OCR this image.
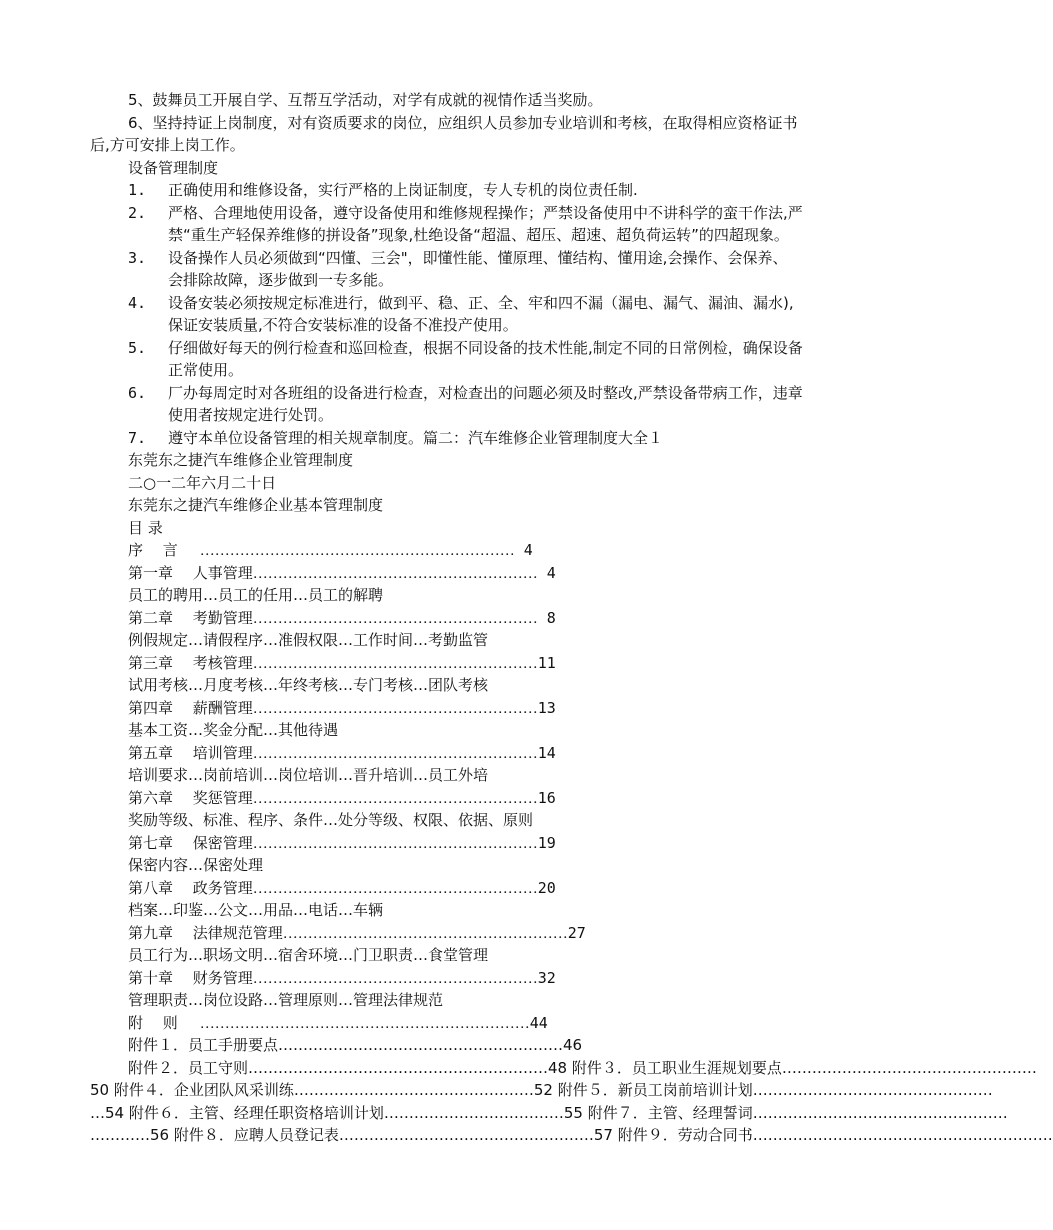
5、鼓舞员工开展自学、互帮互学活动，对学有成就的视情作适当奖励。
6、坚持持证上岗制度，对有资质要求的岗位，应组织人员参加专业培训和考核，在取得相应资格证书
后,方可安排上岗工作。
设备管理制度
1. 正确使用和维修设备，实行严格的上岗证制度，专人专机的岗位责任制.
2. 严格、合理地使用设备，遵守设备使用和维修规程操作；严禁设备使用中不讲科学的蛮干作法,严
禁“重生产轻保养维修的拼设备”现象,杜绝设备“超温、超压、超速、超负荷运转”的四超现象。
3. 设备操作人员必须做到“四懂、三会"，即懂性能、懂原理、懂结构、懂用途,会操作、会保养、
会排除故障，逐步做到一专多能。
4. 设备安装必须按规定标准进行，做到平、稳、正、全、牢和四不漏（漏电、漏气、漏油、漏水),
保证安装质量,不符合安装标准的设备不准投产使用。
5. 仔细做好每天的例行检查和巡回检查，根据不同设备的技术性能,制定不同的日常例检，确保设备
正常使用。
6. 厂办每周定时对各班组的设备进行检查，对检查出的问题必须及时整改,严禁设备带病工作，违章
使用者按规定进行处罚。
7. 遵守本单位设备管理的相关规章制度。篇二：汽车维修企业管理制度大全１
东莞东之捷汽车维修企业管理制度
二○一二年六月二十日
东莞东之捷汽车维修企业基本管理制度
目 录
序　 言 ……………………………………………………… 4
第一章　 人事管理………………………………………………… 4
员工的聘用…员工的任用…员工的解聘
第二章　 考勤管理………………………………………………… 8
例假规定…请假程序…准假权限…工作时间…考勤监管
第三章　 考核管理…………………………………………………11
试用考核…月度考核…年终考核…专门考核…团队考核
第四章　 薪酬管理…………………………………………………13
基本工资…奖金分配…其他待遇
第五章　 培训管理…………………………………………………14
培训要求…岗前培训…岗位培训…晋升培训…员工外培
第六章　 奖惩管理…………………………………………………16
奖励等级、标准、程序、条件…处分等级、权限、依据、原则
第七章　 保密管理…………………………………………………19
保密内容…保密处理
第八章　 政务管理…………………………………………………20
档案…印鉴…公文…用品…电话…车辆
第九章　 法律规范管理…………………………………………………27
员工行为…职场文明…宿舍环境…门卫职责…食堂管理
第十章　 财务管理…………………………………………………32
管理职责…岗位设路…管理原则…管理法律规范
附　 则 …………………………………………………………44
附件１．员工手册要点…………………………………………………46
附件２．员工守则……………………………………………………48 附件３．员工职业生涯规划要点……………………………………………
50 附件４．企业团队风采训练…………………………………………52 附件５．新员工岗前培训计划…………………………………………
…54 附件６．主管、经理任职资格培训计划………………………………55 附件７．主管、经理誓词……………………………………………
…………56 附件８．应聘人员登记表……………………………………………57 附件９．劳动合同书……………………………………………………
